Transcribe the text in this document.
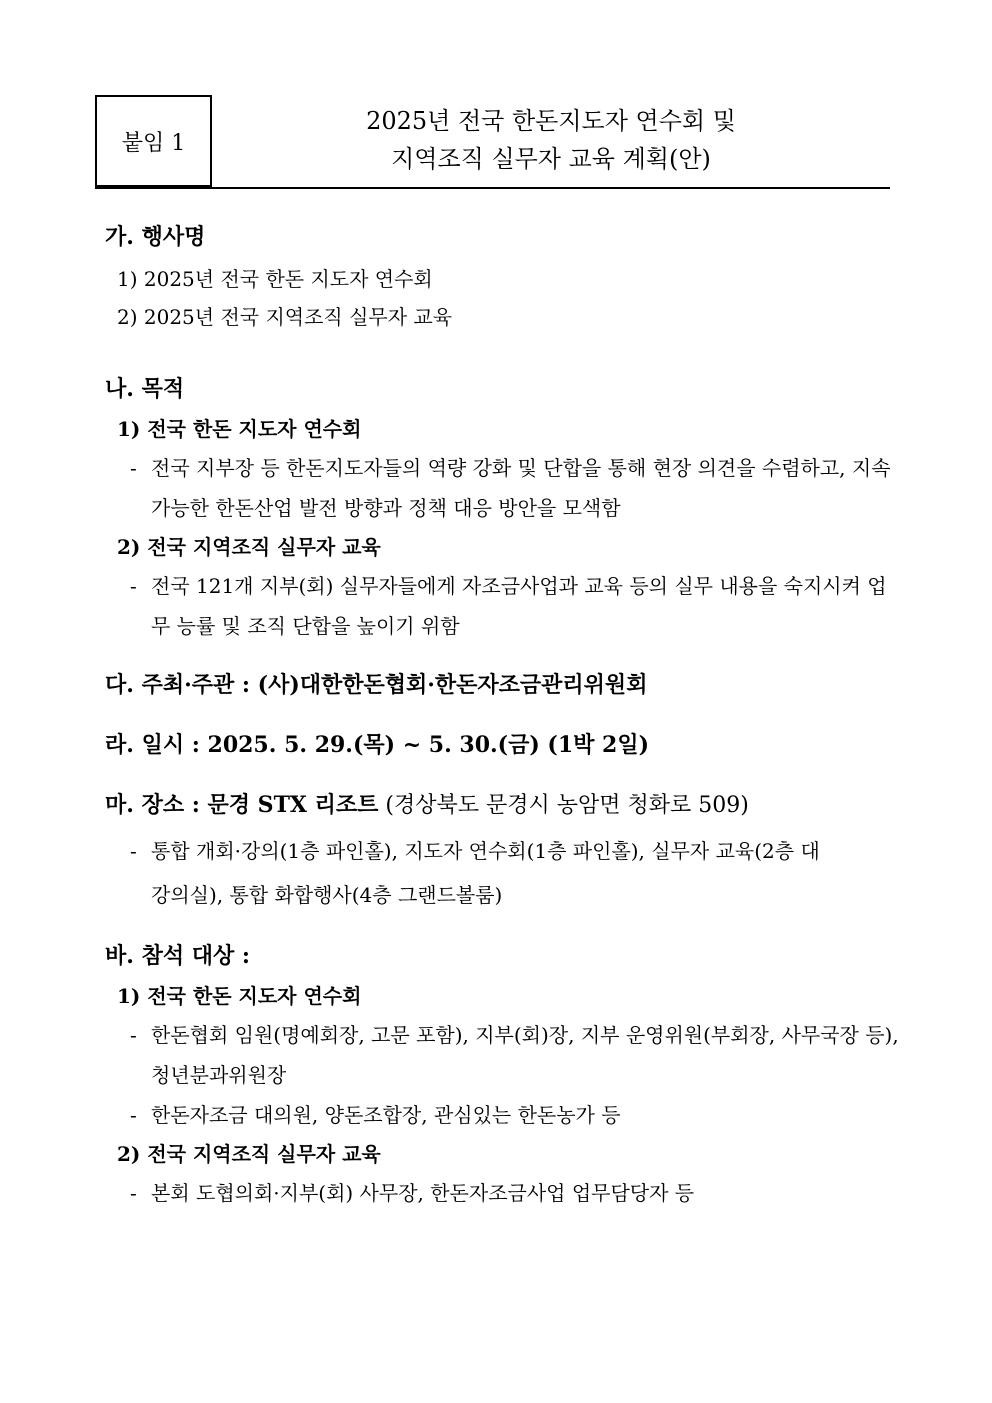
붙임 1
2025년 전국 한돈지도자 연수회 및
지역조직 실무자 교육 계획(안)
가. 행사명
1) 2025년 전국 한돈 지도자 연수회
2) 2025년 전국 지역조직 실무자 교육
나. 목적
1) 전국 한돈 지도자 연수회
- 전국 지부장 등 한돈지도자들의 역량 강화 및 단합을 통해 현장 의견을 수렴하고, 지속가능한 한돈산업 발전 방향과 정책 대응 방안을 모색함
2) 전국 지역조직 실무자 교육
- 전국 121개 지부(회) 실무자들에게 자조금사업과 교육 등의 실무 내용을 숙지시켜 업무 능률 및 조직 단합을 높이기 위함
다. 주최·주관 : (사)대한한돈협회·한돈자조금관리위원회
라. 일시 : 2025. 5. 29.(목) ~ 5. 30.(금) (1박 2일)
마. 장소 : 문경 STX 리조트 (경상북도 문경시 농암면 청화로 509)
- 통합 개회·강의(1층 파인홀), 지도자 연수회(1층 파인홀), 실무자 교육(2층 대강의실), 통합 화합행사(4층 그랜드볼룸)
바. 참석 대상 :
1) 전국 한돈 지도자 연수회
- 한돈협회 임원(명예회장, 고문 포함), 지부(회)장, 지부 운영위원(부회장, 사무국장 등), 청년분과위원장
- 한돈자조금 대의원, 양돈조합장, 관심있는 한돈농가 등
2) 전국 지역조직 실무자 교육
- 본회 도협의회·지부(회) 사무장, 한돈자조금사업 업무담당자 등
